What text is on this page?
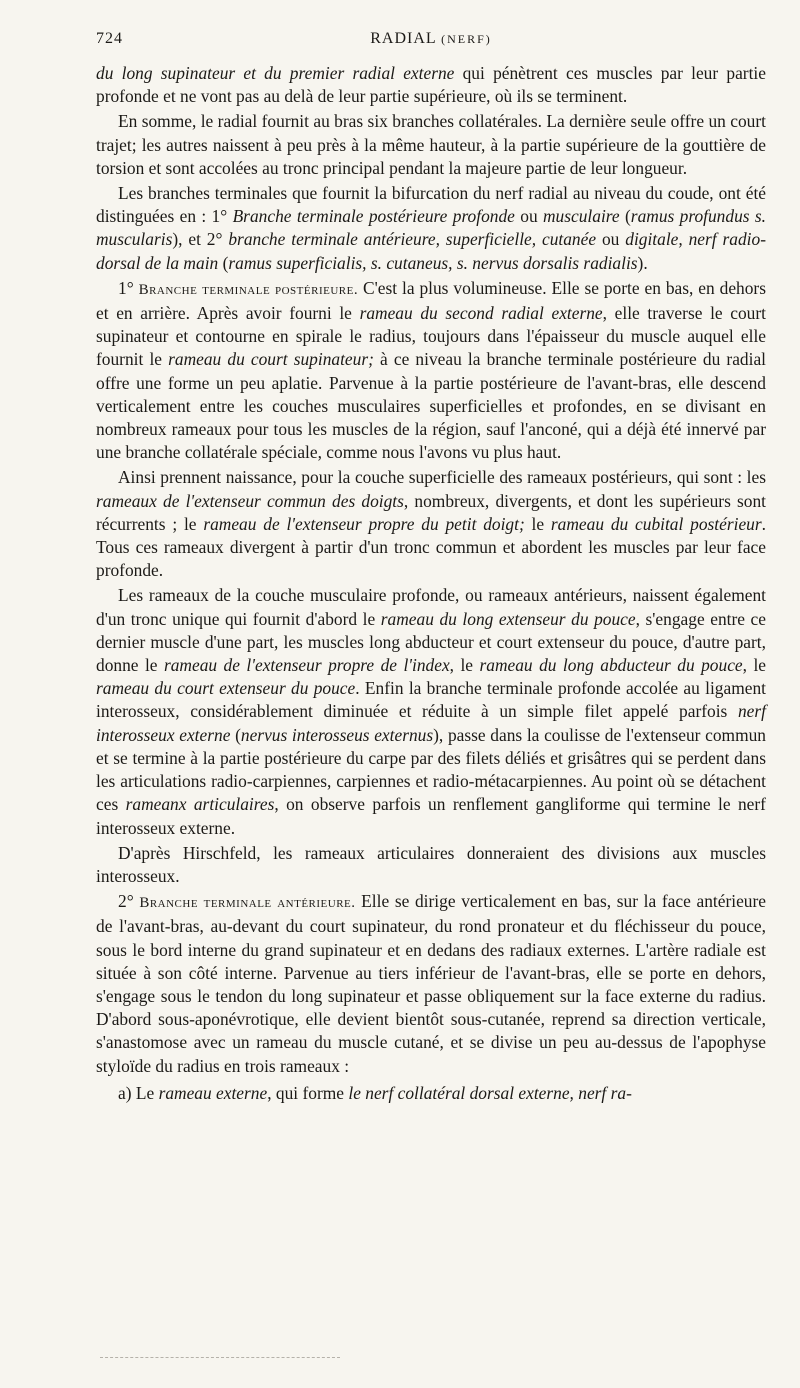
724	RADIAL (NERF)

du long supinateur et du premier radial externe qui pénètrent ces muscles par leur partie profonde et ne vont pas au delà de leur partie supérieure, où ils se terminent.

En somme, le radial fournit au bras six branches collatérales. La dernière seule offre un court trajet; les autres naissent à peu près à la même hauteur, à la partie supérieure de la gouttière de torsion et sont accolées au tronc principal pendant la majeure partie de leur longueur.

Les branches terminales que fournit la bifurcation du nerf radial au niveau du coude, ont été distinguées en : 1° Branche terminale postérieure profonde ou musculaire (ramus profundus s. muscularis), et 2° branche terminale antérieure, superficielle, cutanée ou digitale, nerf radio-dorsal de la main (ramus superficialis, s. cutaneus, s. nervus dorsalis radialis).

1° Branche terminale postérieure. C'est la plus volumineuse. Elle se porte en bas, en dehors et en arrière. Après avoir fourni le rameau du second radial externe, elle traverse le court supinateur et contourne en spirale le radius, toujours dans l'épaisseur du muscle auquel elle fournit le rameau du court supinateur; à ce niveau la branche terminale postérieure du radial offre une forme un peu aplatie. Parvenue à la partie postérieure de l'avant-bras, elle descend verticalement entre les couches musculaires superficielles et profondes, en se divisant en nombreux rameaux pour tous les muscles de la région, sauf l'anconé, qui a déjà été innervé par une branche collatérale spéciale, comme nous l'avons vu plus haut.

Ainsi prennent naissance, pour la couche superficielle des rameaux postérieurs, qui sont : les rameaux de l'extenseur commun des doigts, nombreux, divergents, et dont les supérieurs sont récurrents ; le rameau de l'extenseur propre du petit doigt; le rameau du cubital postérieur. Tous ces rameaux divergent à partir d'un tronc commun et abordent les muscles par leur face profonde.

Les rameaux de la couche musculaire profonde, ou rameaux antérieurs, naissent également d'un tronc unique qui fournit d'abord le rameau du long extenseur du pouce, s'engage entre ce dernier muscle d'une part, les muscles long abducteur et court extenseur du pouce, d'autre part, donne le rameau de l'extenseur propre de l'index, le rameau du long abducteur du pouce, le rameau du court extenseur du pouce. Enfin la branche terminale profonde accolée au ligament interosseux, considérablement diminuée et réduite à un simple filet appelé parfois nerf interosseux externe (nervus interosseus externus), passe dans la coulisse de l'extenseur commun et se termine à la partie postérieure du carpe par des filets déliés et grisâtres qui se perdent dans les articulations radio-carpiennes, carpiennes et radio-métacarpiennes. Au point où se détachent ces rameanx articulaires, on observe parfois un renflement gangliforme qui termine le nerf interosseux externe.

D'après Hirschfeld, les rameaux articulaires donneraient des divisions aux muscles interosseux.

2° Branche terminale antérieure. Elle se dirige verticalement en bas, sur la face antérieure de l'avant-bras, au-devant du court supinateur, du rond pronateur et du fléchisseur du pouce, sous le bord interne du grand supinateur et en dedans des radiaux externes. L'artère radiale est située à son côté interne. Parvenue au tiers inférieur de l'avant-bras, elle se porte en dehors, s'engage sous le tendon du long supinateur et passe obliquement sur la face externe du radius. D'abord sous-aponévrotique, elle devient bientôt sous-cutanée, reprend sa direction verticale, s'anastomose avec un rameau du muscle cutané, et se divise un peu au-dessus de l'apophyse styloïde du radius en trois rameaux :

a) Le rameau externe, qui forme le nerf collatéral dorsal externe, nerf ra-
